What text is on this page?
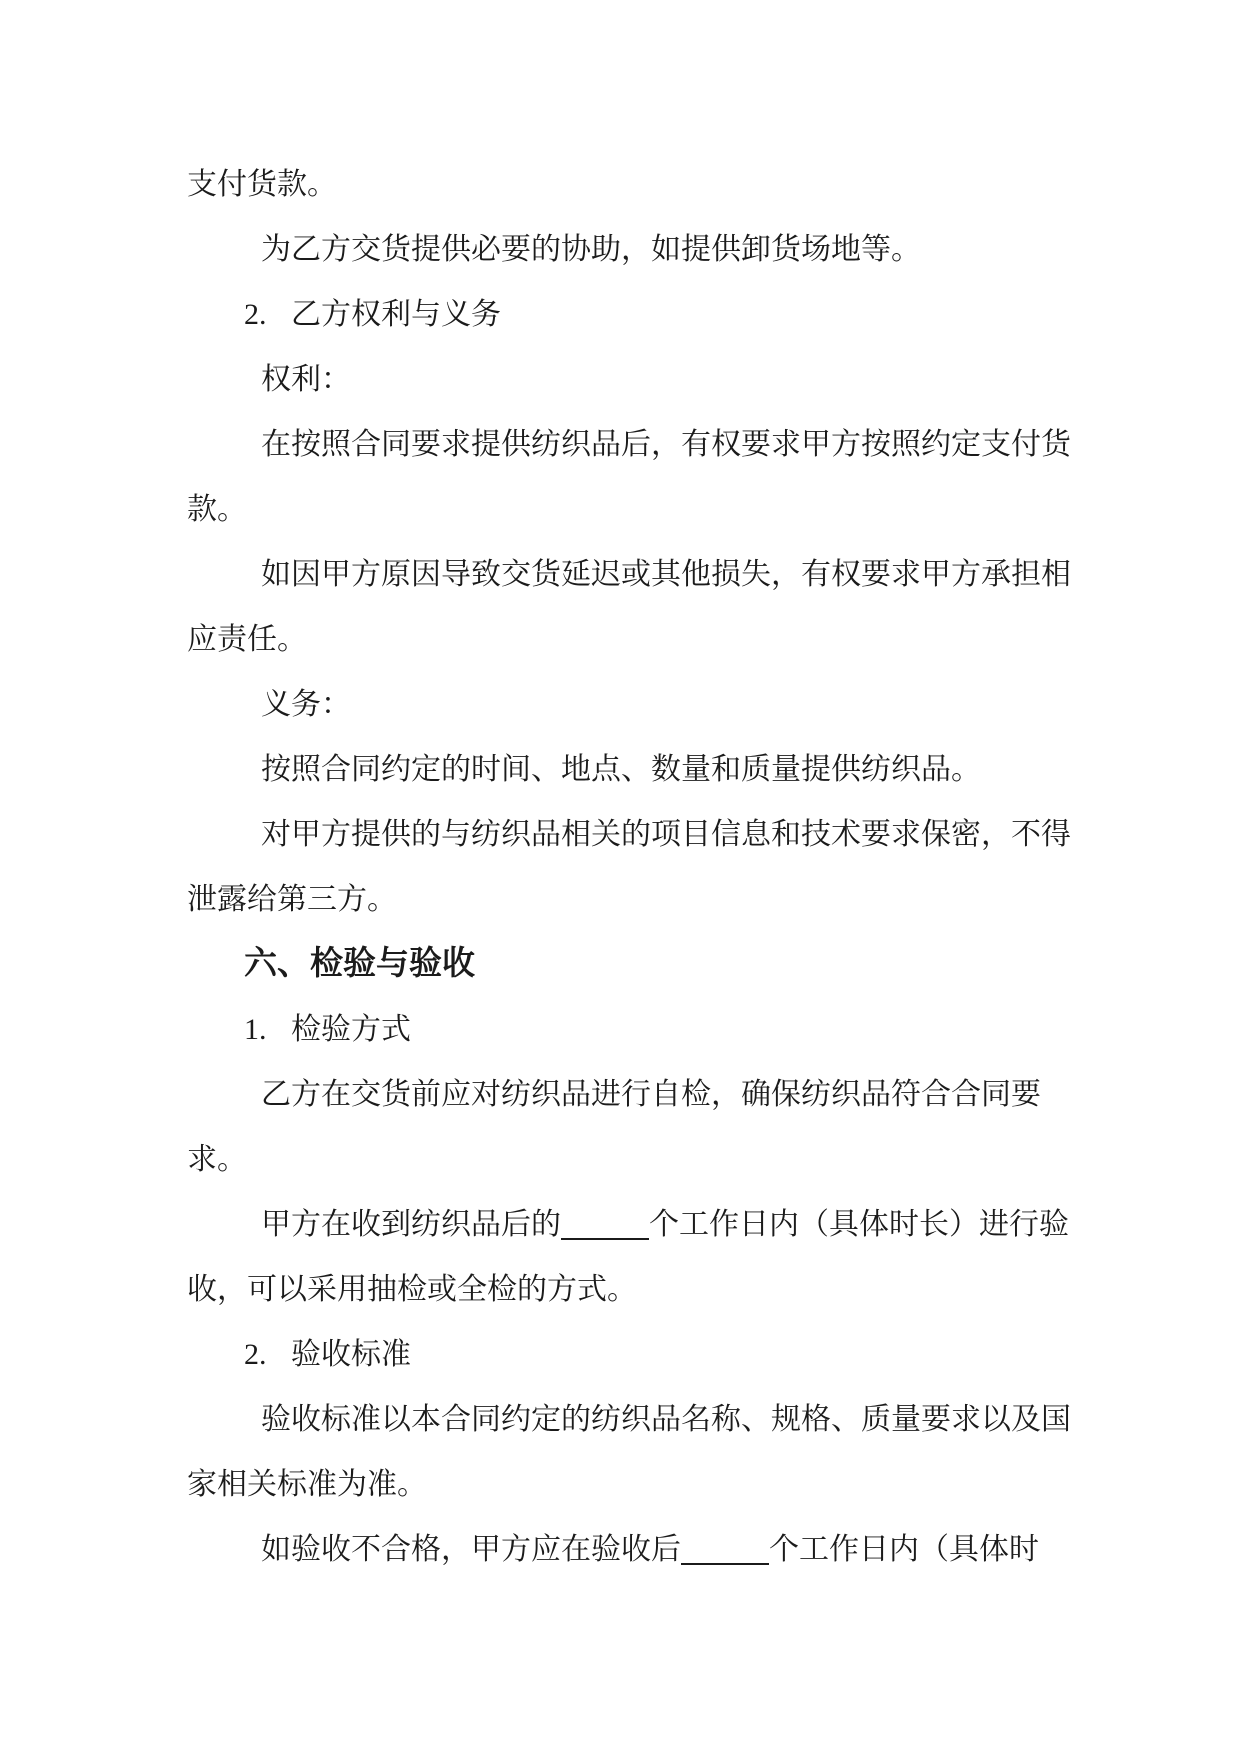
支付货款。
为乙方交货提供必要的协助，如提供卸货场地等。
2. 乙方权利与义务
权利：
在按照合同要求提供纺织品后，有权要求甲方按照约定支付货
款。
如因甲方原因导致交货延迟或其他损失，有权要求甲方承担相
应责任。
义务：
按照合同约定的时间、地点、数量和质量提供纺织品。
对甲方提供的与纺织品相关的项目信息和技术要求保密，不得
泄露给第三方。
六、检验与验收
1. 检验方式
乙方在交货前应对纺织品进行自检，确保纺织品符合合同要
求。
甲方在收到纺织品后的	个工作日内（具体时长）进行验
收，可以采用抽检或全检的方式。
2. 验收标准
验收标准以本合同约定的纺织品名称、规格、质量要求以及国
家相关标准为准。
如验收不合格，甲方应在验收后	个工作日内（具体时
